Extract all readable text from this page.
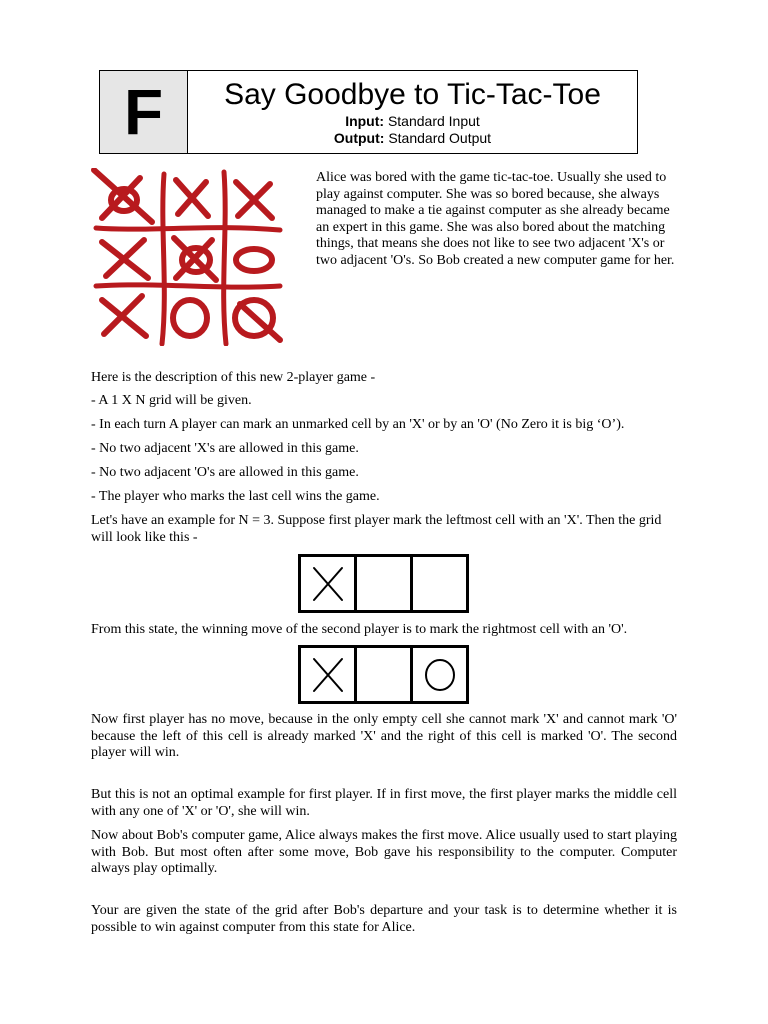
F	Say Goodbye to Tic-Tac-Toe
Input: Standard Input
Output: Standard Output

Alice was bored with the game tic-tac-toe. Usually she used to play against computer. She was so bored because, she always managed to make a tie against computer as she already became an expert in this game. She was also bored about the matching things, that means she does not like to see two adjacent 'X's or two adjacent 'O's. So Bob created a new computer game for her.

Here is the description of this new 2-player game -

- A 1 X N grid will be given.

- In each turn A player can mark an unmarked cell by an 'X' or by an 'O' (No Zero it is big ‘O’).

- No two adjacent 'X's are allowed in this game.

- No two adjacent 'O's are allowed in this game.

- The player who marks the last cell wins the game.

Let's have an example for N = 3. Suppose first player mark the leftmost cell with an 'X'. Then the grid will look like this -

From this state, the winning move of the second player is to mark the rightmost cell with an 'O'.

Now first player has no move, because in the only empty cell she cannot mark 'X' and cannot mark 'O' because the left of this cell is already marked 'X' and the right of this cell is marked 'O'. The second player will win.

But this is not an optimal example for first player. If in first move, the first player marks the middle cell with any one of 'X' or 'O', she will win.

Now about Bob's computer game, Alice always makes the first move. Alice usually used to start playing with Bob. But most often after some move, Bob gave his responsibility to the computer. Computer always play optimally.

Your are given the state of the grid after Bob's departure and your task is to determine whether it is possible to win against computer from this state for Alice.
